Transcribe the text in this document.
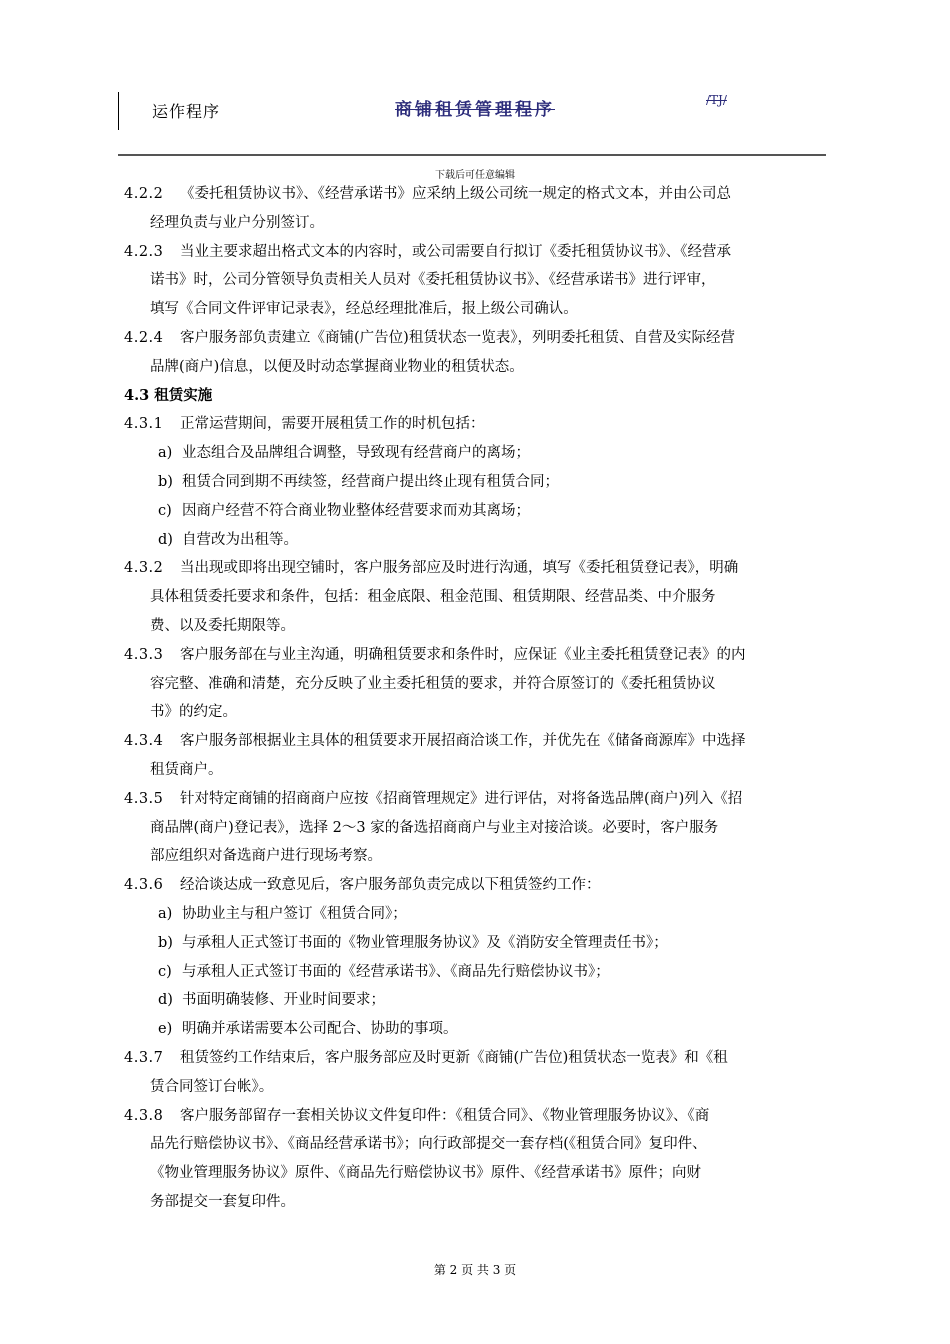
运作程序	商铺租赁管理程序	/TJ/
下载后可任意编辑
4.2.2 《委托租赁协议书》、《经营承诺书》应采纳上级公司统一规定的格式文本，并由公司总
经理负责与业户分别签订。
4.2.3 当业主要求超出格式文本的内容时，或公司需要自行拟订《委托租赁协议书》、《经营承
诺书》时，公司分管领导负责相关人员对《委托租赁协议书》、《经营承诺书》进行评审，
填写《合同文件评审记录表》，经总经理批准后，报上级公司确认。
4.2.4 客户服务部负责建立《商铺(广告位)租赁状态一览表》，列明委托租赁、自营及实际经营
品牌(商户)信息，以便及时动态掌握商业物业的租赁状态。
4.3 租赁实施
4.3.1 正常运营期间，需要开展租赁工作的时机包括：
a) 业态组合及品牌组合调整，导致现有经营商户的离场；
b) 租赁合同到期不再续签，经营商户提出终止现有租赁合同；
c) 因商户经营不符合商业物业整体经营要求而劝其离场；
d) 自营改为出租等。
4.3.2 当出现或即将出现空铺时，客户服务部应及时进行沟通，填写《委托租赁登记表》，明确
具体租赁委托要求和条件，包括：租金底限、租金范围、租赁期限、经营品类、中介服务
费、以及委托期限等。
4.3.3 客户服务部在与业主沟通，明确租赁要求和条件时，应保证《业主委托租赁登记表》的内
容完整、准确和清楚，充分反映了业主委托租赁的要求，并符合原签订的《委托租赁协议
书》的约定。
4.3.4 客户服务部根据业主具体的租赁要求开展招商洽谈工作，并优先在《储备商源库》中选择
租赁商户。
4.3.5 针对特定商铺的招商商户应按《招商管理规定》进行评估，对将备选品牌(商户)列入《招
商品牌(商户)登记表》，选择 2～3 家的备选招商商户与业主对接洽谈。必要时，客户服务
部应组织对备选商户进行现场考察。
4.3.6 经洽谈达成一致意见后，客户服务部负责完成以下租赁签约工作：
a) 协助业主与租户签订《租赁合同》；
b) 与承租人正式签订书面的《物业管理服务协议》及《消防安全管理责任书》；
c) 与承租人正式签订书面的《经营承诺书》、《商品先行赔偿协议书》；
d) 书面明确装修、开业时间要求；
e) 明确并承诺需要本公司配合、协助的事项。
4.3.7 租赁签约工作结束后，客户服务部应及时更新《商铺(广告位)租赁状态一览表》和《租
赁合同签订台帐》。
4.3.8 客户服务部留存一套相关协议文件复印件：《租赁合同》、《物业管理服务协议》、《商
品先行赔偿协议书》、《商品经营承诺书》；向行政部提交一套存档(《租赁合同》复印件、
《物业管理服务协议》原件、《商品先行赔偿协议书》原件、《经营承诺书》原件；向财
务部提交一套复印件。
第 2 页 共 3 页
